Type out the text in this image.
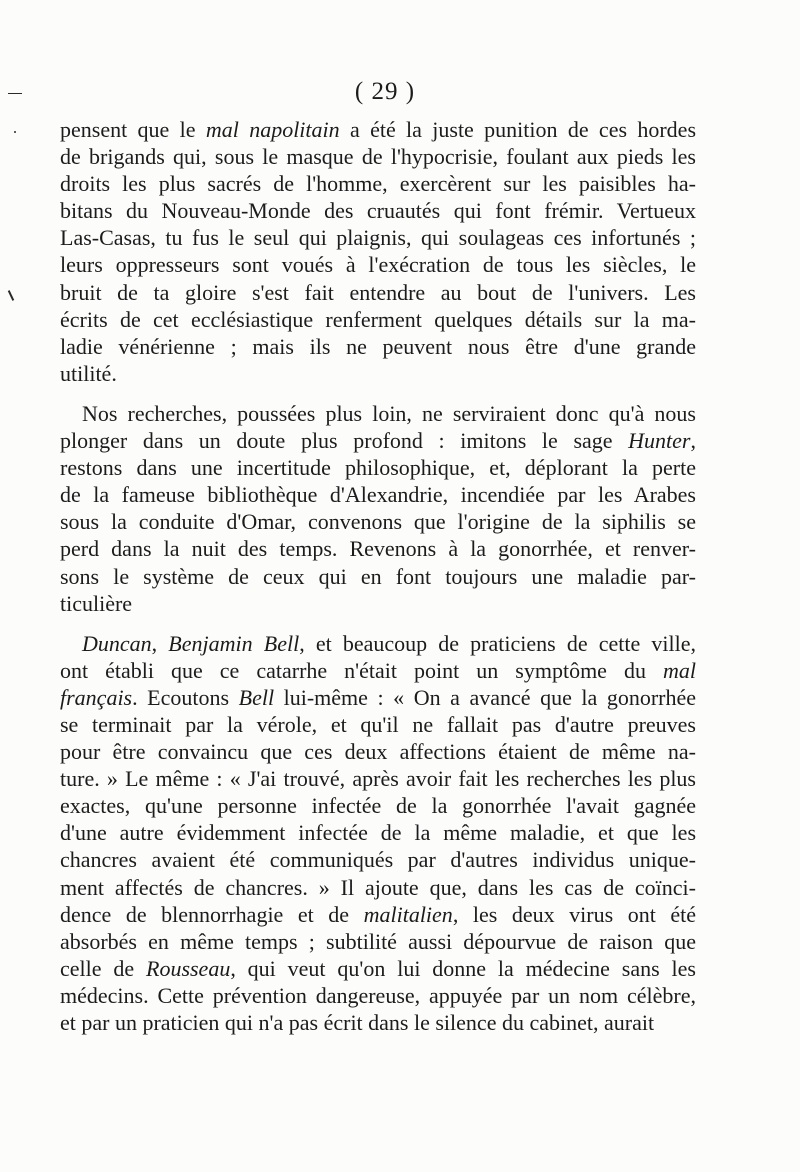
( 29 )
pensent que le mal napolitain a été la juste punition de ces hordes
de brigands qui, sous le masque de l'hypocrisie, foulant aux pieds les
droits les plus sacrés de l'homme, exercèrent sur les paisibles ha-
bitans du Nouveau-Monde des cruautés qui font frémir. Vertueux
Las-Casas, tu fus le seul qui plaignis, qui soulageas ces infortunés ;
leurs oppresseurs sont voués à l'exécration de tous les siècles, le
bruit de ta gloire s'est fait entendre au bout de l'univers. Les
écrits de cet ecclésiastique renferment quelques détails sur la ma-
ladie vénérienne ; mais ils ne peuvent nous être d'une grande
utilité.
Nos recherches, poussées plus loin, ne serviraient donc qu'à nous
plonger dans un doute plus profond : imitons le sage Hunter,
restons dans une incertitude philosophique, et, déplorant la perte
de la fameuse bibliothèque d'Alexandrie, incendiée par les Arabes
sous la conduite d'Omar, convenons que l'origine de la siphilis se
perd dans la nuit des temps. Revenons à la gonorrhée, et renver-
sons le système de ceux qui en font toujours une maladie par-
ticulière
Duncan, Benjamin Bell, et beaucoup de praticiens de cette ville,
ont établi que ce catarrhe n'était point un symptôme du mal
français. Ecoutons Bell lui-même : « On a avancé que la gonorrhée
se terminait par la vérole, et qu'il ne fallait pas d'autre preuves
pour être convaincu que ces deux affections étaient de même na-
ture. » Le même : « J'ai trouvé, après avoir fait les recherches les plus
exactes, qu'une personne infectée de la gonorrhée l'avait gagnée
d'une autre évidemment infectée de la même maladie, et que les
chancres avaient été communiqués par d'autres individus unique-
ment affectés de chancres. » Il ajoute que, dans les cas de coïnci-
dence de blennorrhagie et de malitalien, les deux virus ont été
absorbés en même temps ; subtilité aussi dépourvue de raison que
celle de Rousseau, qui veut qu'on lui donne la médecine sans les
médecins. Cette prévention dangereuse, appuyée par un nom célèbre,
et par un praticien qui n'a pas écrit dans le silence du cabinet, aurait
